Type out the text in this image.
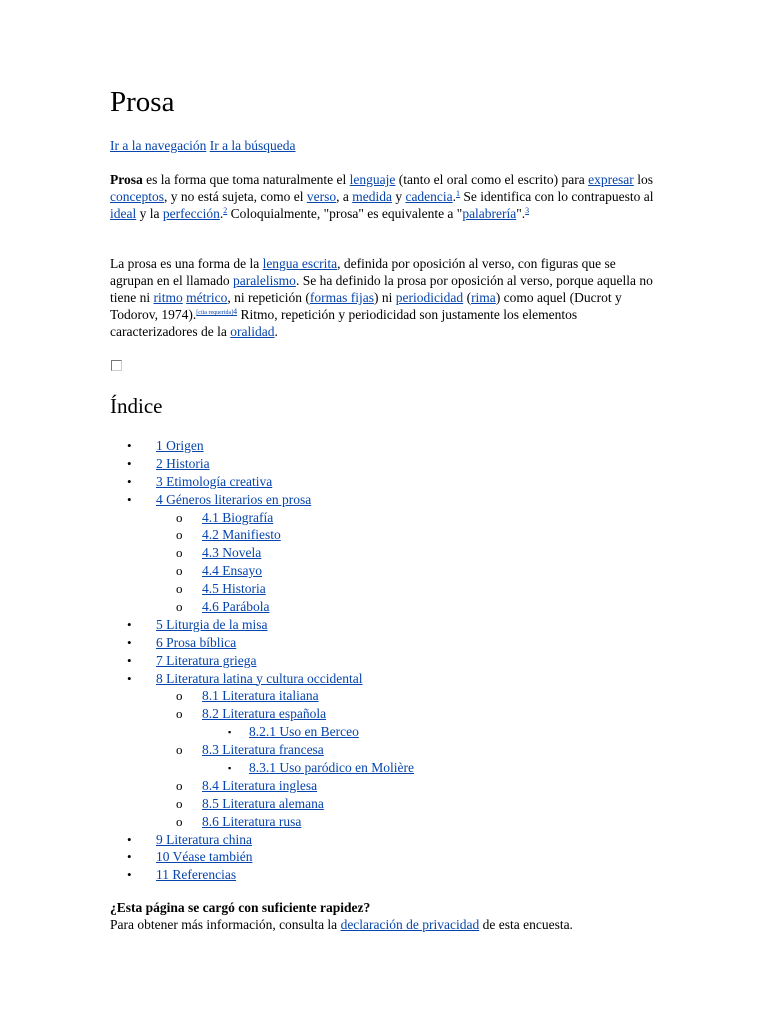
Prosa
Ir a la navegación Ir a la búsqueda

Prosa es la forma que toma naturalmente el lenguaje (tanto el oral como el escrito) para expresar los conceptos, y no está sujeta, como el verso, a medida y cadencia.$^1$ Se identifica con lo contrapuesto al ideal y la perfección.$^2$ Coloquialmente, "prosa" es equivalente a "palabrería".$^3$

La prosa es una forma de la lengua escrita, definida por oposición al verso, con figuras que se agrupan en el llamado paralelismo. Se ha definido la prosa por oposición al verso, porque aquella no tiene ni ritmo métrico, ni repetición (formas fijas) ni periodicidad (rima) como aquel (Ducrot y Todorov, 1974).$^{[cita requerida]4}$ Ritmo, repetición y periodicidad son justamente los elementos caracterizadores de la oralidad.

Índice
• 1 Origen
• 2 Historia
• 3 Etimología creativa
• 4 Géneros literarios en prosa
o 4.1 Biografía
o 4.2 Manifiesto
o 4.3 Novela
o 4.4 Ensayo
o 4.5 Historia
o 4.6 Parábola
• 5 Liturgia de la misa
• 6 Prosa bíblica
• 7 Literatura griega
• 8 Literatura latina y cultura occidental
o 8.1 Literatura italiana
o 8.2 Literatura española
▪ 8.2.1 Uso en Berceo
o 8.3 Literatura francesa
▪ 8.3.1 Uso paródico en Molière
o 8.4 Literatura inglesa
o 8.5 Literatura alemana
o 8.6 Literatura rusa
• 9 Literatura china
• 10 Véase también
• 11 Referencias
¿Esta página se cargó con suficiente rapidez?
Para obtener más información, consulta la declaración de privacidad de esta encuesta.
